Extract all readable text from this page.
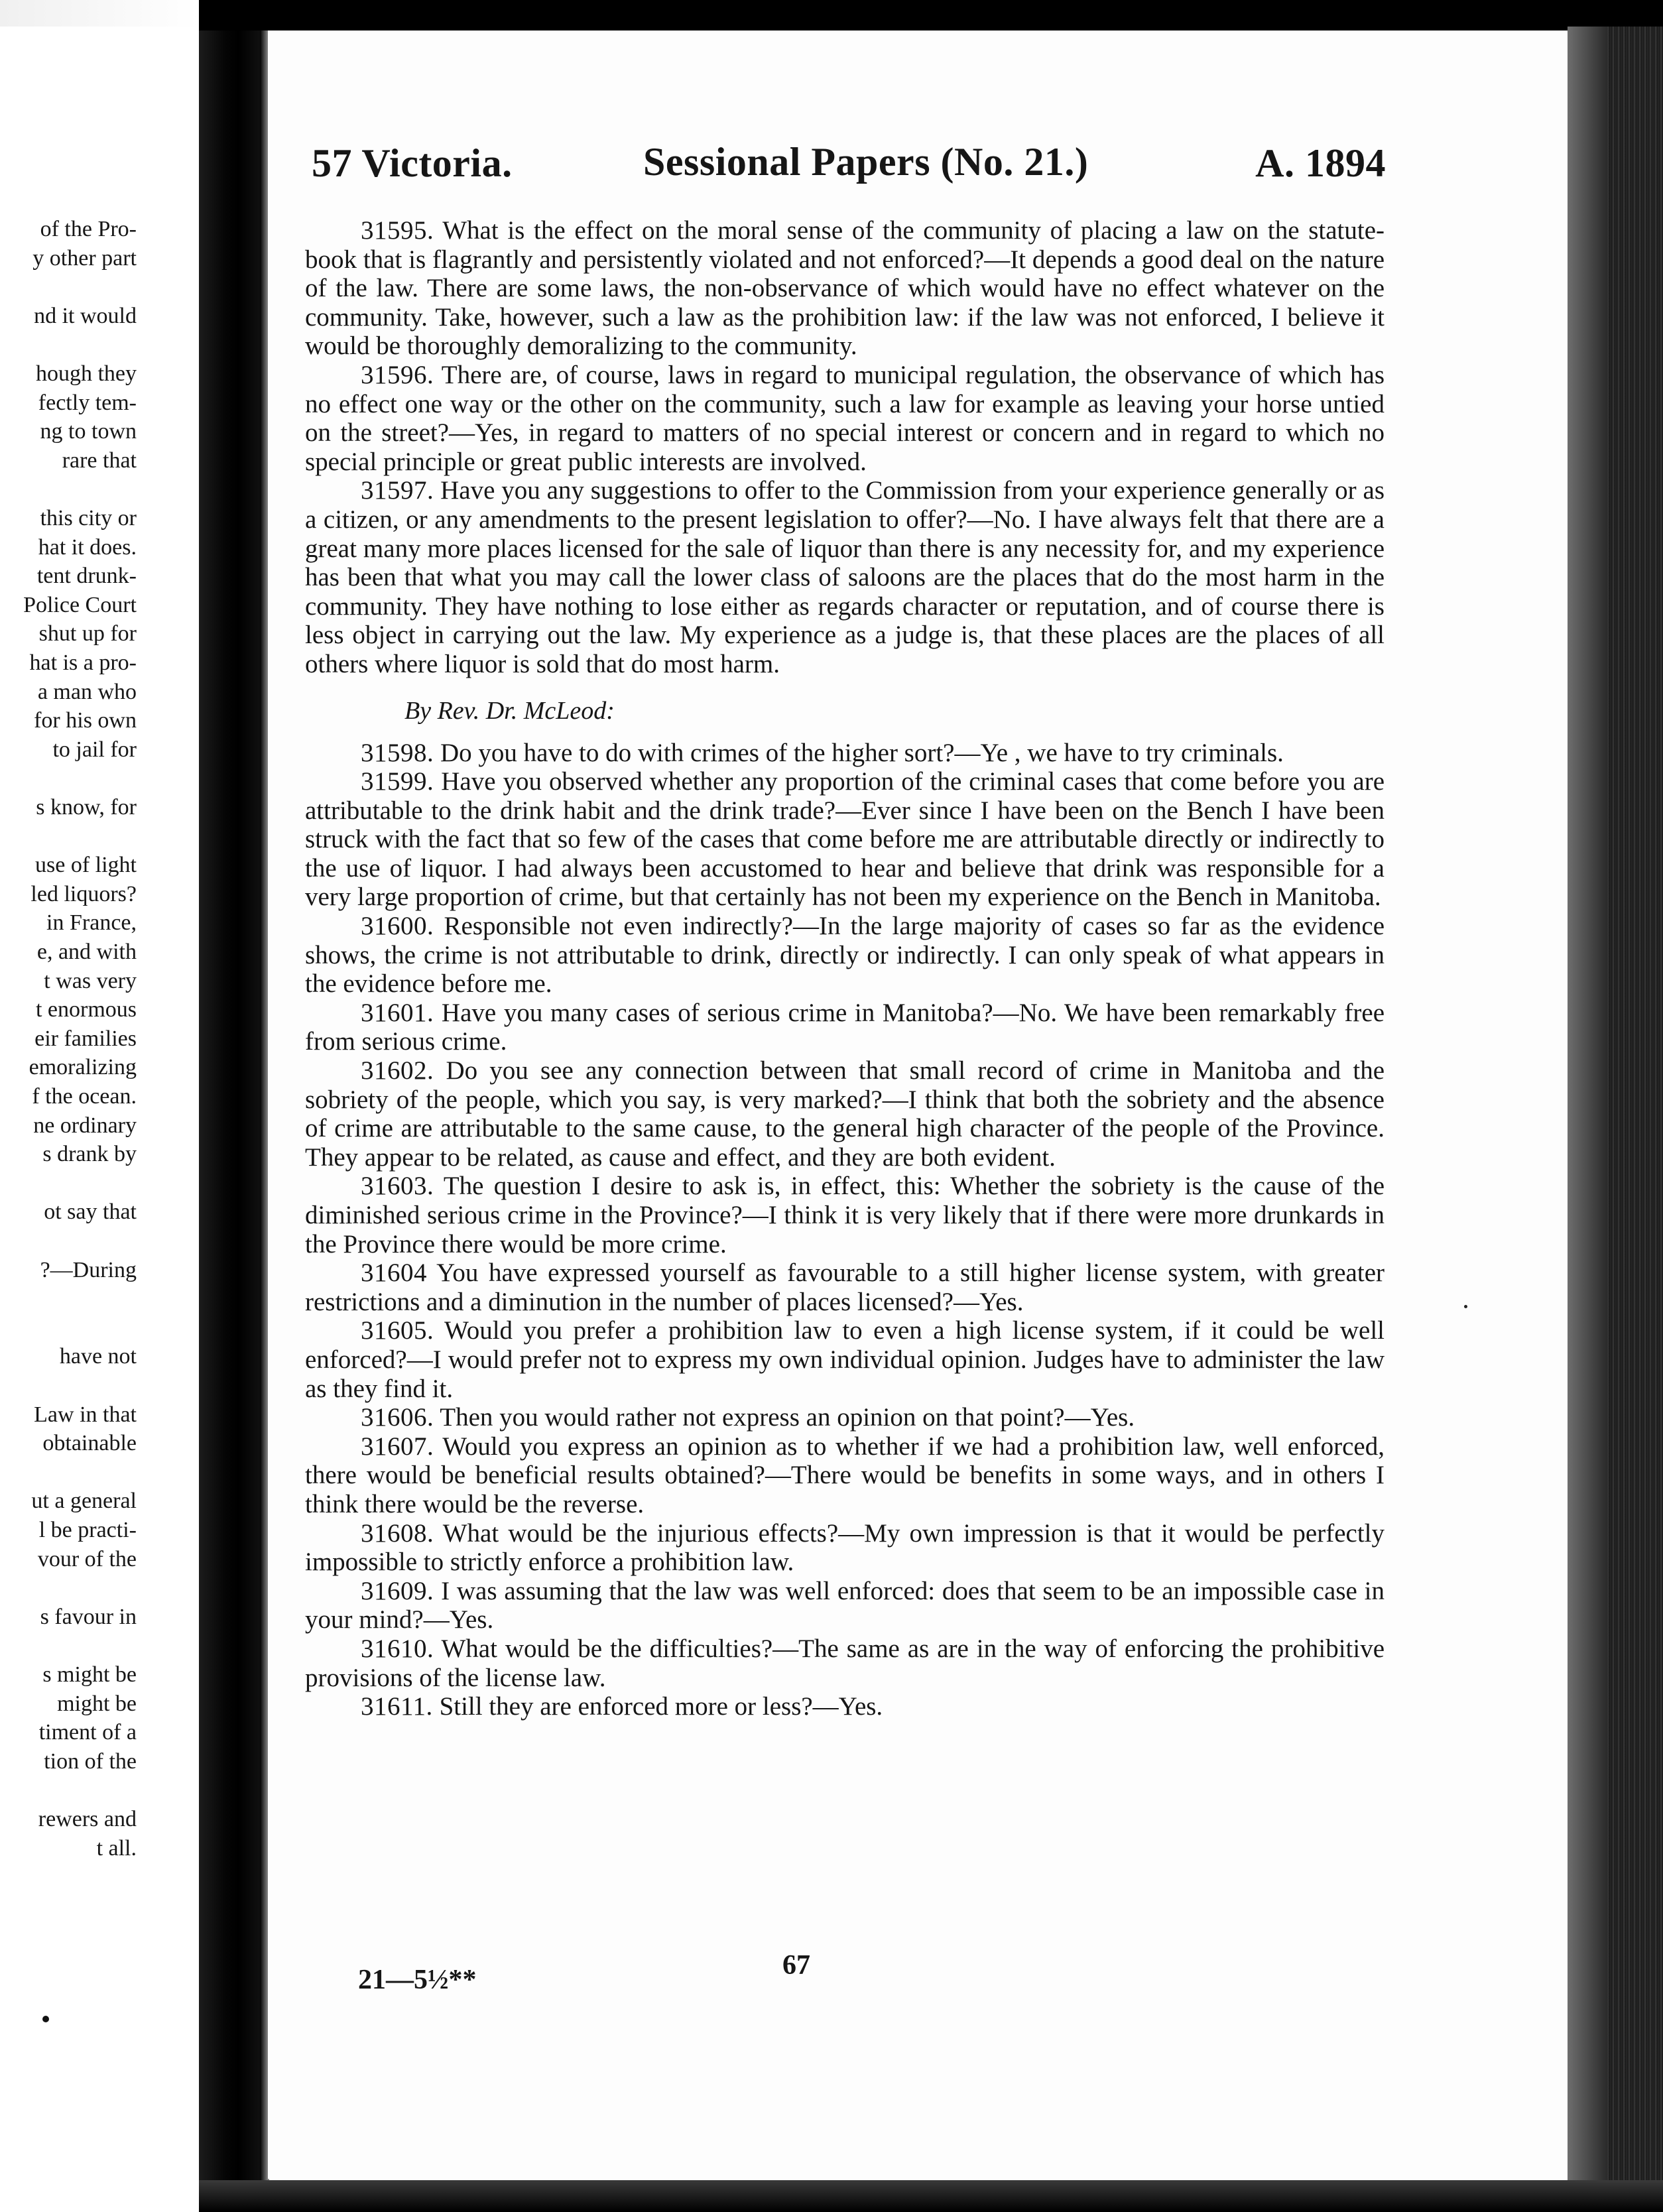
of the Pro-
y other part
nd it would
hough they
fectly tem-
ng to town
rare that
this city or
hat it does.
tent drunk-
Police Court
shut up for
hat is a pro-
a man who
for his own
to jail for
s know, for
use of light
led liquors?
in France,
e, and with
t was very
t enormous
eir families
emoralizing
f the ocean.
ne ordinary
s drank by
ot say that
?—During
have not
Law in that
obtainable
ut a general
l be practi-
vour of the
s favour in
s might be
might be
timent of a
tion of the
rewers and
t all.
57 Victoria.	Sessional Papers (No. 21.)	A. 1894

31595. What is the effect on the moral sense of the community of placing a law on the statute-book that is flagrantly and persistently violated and not enforced?—It depends a good deal on the nature of the law. There are some laws, the non-observance of which would have no effect whatever on the community. Take, however, such a law as the prohibition law: if the law was not enforced, I believe it would be thoroughly demoralizing to the community.

31596. There are, of course, laws in regard to municipal regulation, the observance of which has no effect one way or the other on the community, such a law for example as leaving your horse untied on the street?—Yes, in regard to matters of no special interest or concern and in regard to which no special principle or great public interests are involved.

31597. Have you any suggestions to offer to the Commission from your experience generally or as a citizen, or any amendments to the present legislation to offer?—No. I have always felt that there are a great many more places licensed for the sale of liquor than there is any necessity for, and my experience has been that what you may call the lower class of saloons are the places that do the most harm in the community. They have nothing to lose either as regards character or reputation, and of course there is less object in carrying out the law. My experience as a judge is, that these places are the places of all others where liquor is sold that do most harm.

By Rev. Dr. McLeod:

31598. Do you have to do with crimes of the higher sort?—Ye , we have to try criminals.

31599. Have you observed whether any proportion of the criminal cases that come before you are attributable to the drink habit and the drink trade?—Ever since I have been on the Bench I have been struck with the fact that so few of the cases that come before me are attributable directly or indirectly to the use of liquor. I had always been accustomed to hear and believe that drink was responsible for a very large proportion of crime, but that certainly has not been my experience on the Bench in Manitoba.

31600. Responsible not even indirectly?—In the large majority of cases so far as the evidence shows, the crime is not attributable to drink, directly or indirectly. I can only speak of what appears in the evidence before me.

31601. Have you many cases of serious crime in Manitoba?—No. We have been remarkably free from serious crime.

31602. Do you see any connection between that small record of crime in Manitoba and the sobriety of the people, which you say, is very marked?—I think that both the sobriety and the absence of crime are attributable to the same cause, to the general high character of the people of the Province. They appear to be related, as cause and effect, and they are both evident.

31603. The question I desire to ask is, in effect, this: Whether the sobriety is the cause of the diminished serious crime in the Province?—I think it is very likely that if there were more drunkards in the Province there would be more crime.

31604 You have expressed yourself as favourable to a still higher license system, with greater restrictions and a diminution in the number of places licensed?—Yes.

31605. Would you prefer a prohibition law to even a high license system, if it could be well enforced?—I would prefer not to express my own individual opinion. Judges have to administer the law as they find it.

31606. Then you would rather not express an opinion on that point?—Yes.

31607. Would you express an opinion as to whether if we had a prohibition law, well enforced, there would be beneficial results obtained?—There would be benefits in some ways, and in others I think there would be the reverse.

31608. What would be the injurious effects?—My own impression is that it would be perfectly impossible to strictly enforce a prohibition law.

31609. I was assuming that the law was well enforced: does that seem to be an impossible case in your mind?—Yes.

31610. What would be the difficulties?—The same as are in the way of enforcing the prohibitive provisions of the license law.

31611. Still they are enforced more or less?—Yes.

21—5½**	67
